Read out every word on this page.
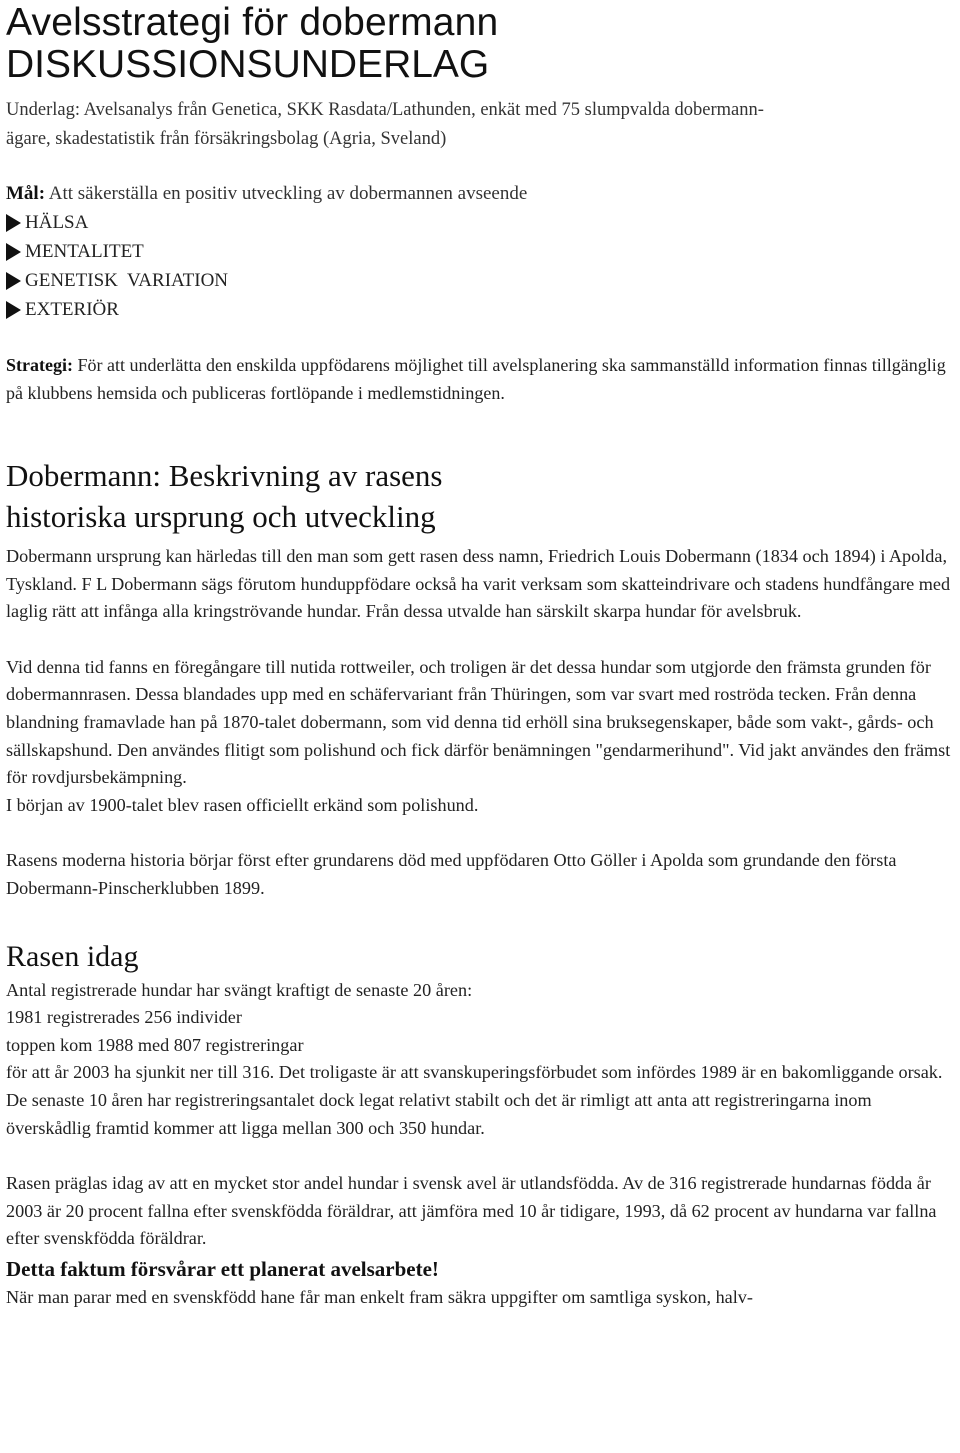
Avelsstrategi för dobermann
DISKUSSIONSUNDERLAG

Underlag: Avelsanalys från Genetica, SKK Rasdata/Lathunden, enkät med 75 slumpvalda dobermann-

ägare, skadestatistik från försäkringsbolag (Agria, Sveland)

Mål: Att säkerställa en positiv utveckling av dobermannen avseende

HÄLSA
MENTALITET
GENETISK  VARIATION
EXTERIÖR

Strategi: För att underlätta den enskilda uppfödarens möjlighet till avelsplanering ska sammanställd information finnas tillgänglig på klubbens hemsida och publiceras fortlöpande i medlemstidningen.

Dobermann: Beskrivning av rasens
historiska ursprung och utveckling

Dobermann ursprung kan härledas till den man som gett rasen dess namn, Friedrich Louis Dobermann (1834 och 1894) i Apolda, Tyskland. F L Dobermann sägs förutom hunduppfödare också ha varit verksam som skatteindrivare och stadens hundfångare med laglig rätt att infånga alla kringströvande hundar. Från dessa utvalde han särskilt skarpa hundar för avelsbruk.

Vid denna tid fanns en föregångare till nutida rottweiler, och troligen är det dessa hundar som utgjorde den främsta grunden för dobermannrasen. Dessa blandades upp med en schäfervariant från Thüringen, som var svart med roströda tecken. Från denna blandning framavlade han på 1870-talet dobermann, som vid denna tid erhöll sina bruksegenskaper, både som vakt-, gårds- och sällskapshund. Den användes flitigt som polishund och fick därför benämningen "gendarmerihund". Vid jakt användes den främst för rovdjursbekämpning.

I början av 1900-talet blev rasen officiellt erkänd som polishund.

Rasens moderna historia börjar först efter grundarens död med uppfödaren Otto Göller i Apolda som grundande den första Dobermann-Pinscherklubben 1899.

Rasen idag

Antal registrerade hundar har svängt kraftigt de senaste 20 åren:

1981 registrerades 256 individer

toppen kom 1988 med 807 registreringar

för att år 2003 ha sjunkit ner till 316. Det troligaste är att svanskuperingsförbudet som infördes 1989 är en bakomliggande orsak. De senaste 10 åren har registreringsantalet dock legat relativt stabilt och det är rimligt att anta att registreringarna inom överskådlig framtid kommer att ligga mellan 300 och 350 hundar.

Rasen präglas idag av att en mycket stor andel hundar i svensk avel är utlandsfödda. Av de 316 registrerade hundarnas födda år 2003 är 20 procent fallna efter svenskfödda föräldrar, att jämföra med 10 år tidigare, 1993, då 62 procent av hundarna var fallna efter svenskfödda föräldrar.

Detta faktum försvårar ett planerat avelsarbete!

När man parar med en svenskfödd hane får man enkelt fram säkra uppgifter om samtliga syskon, halv-
